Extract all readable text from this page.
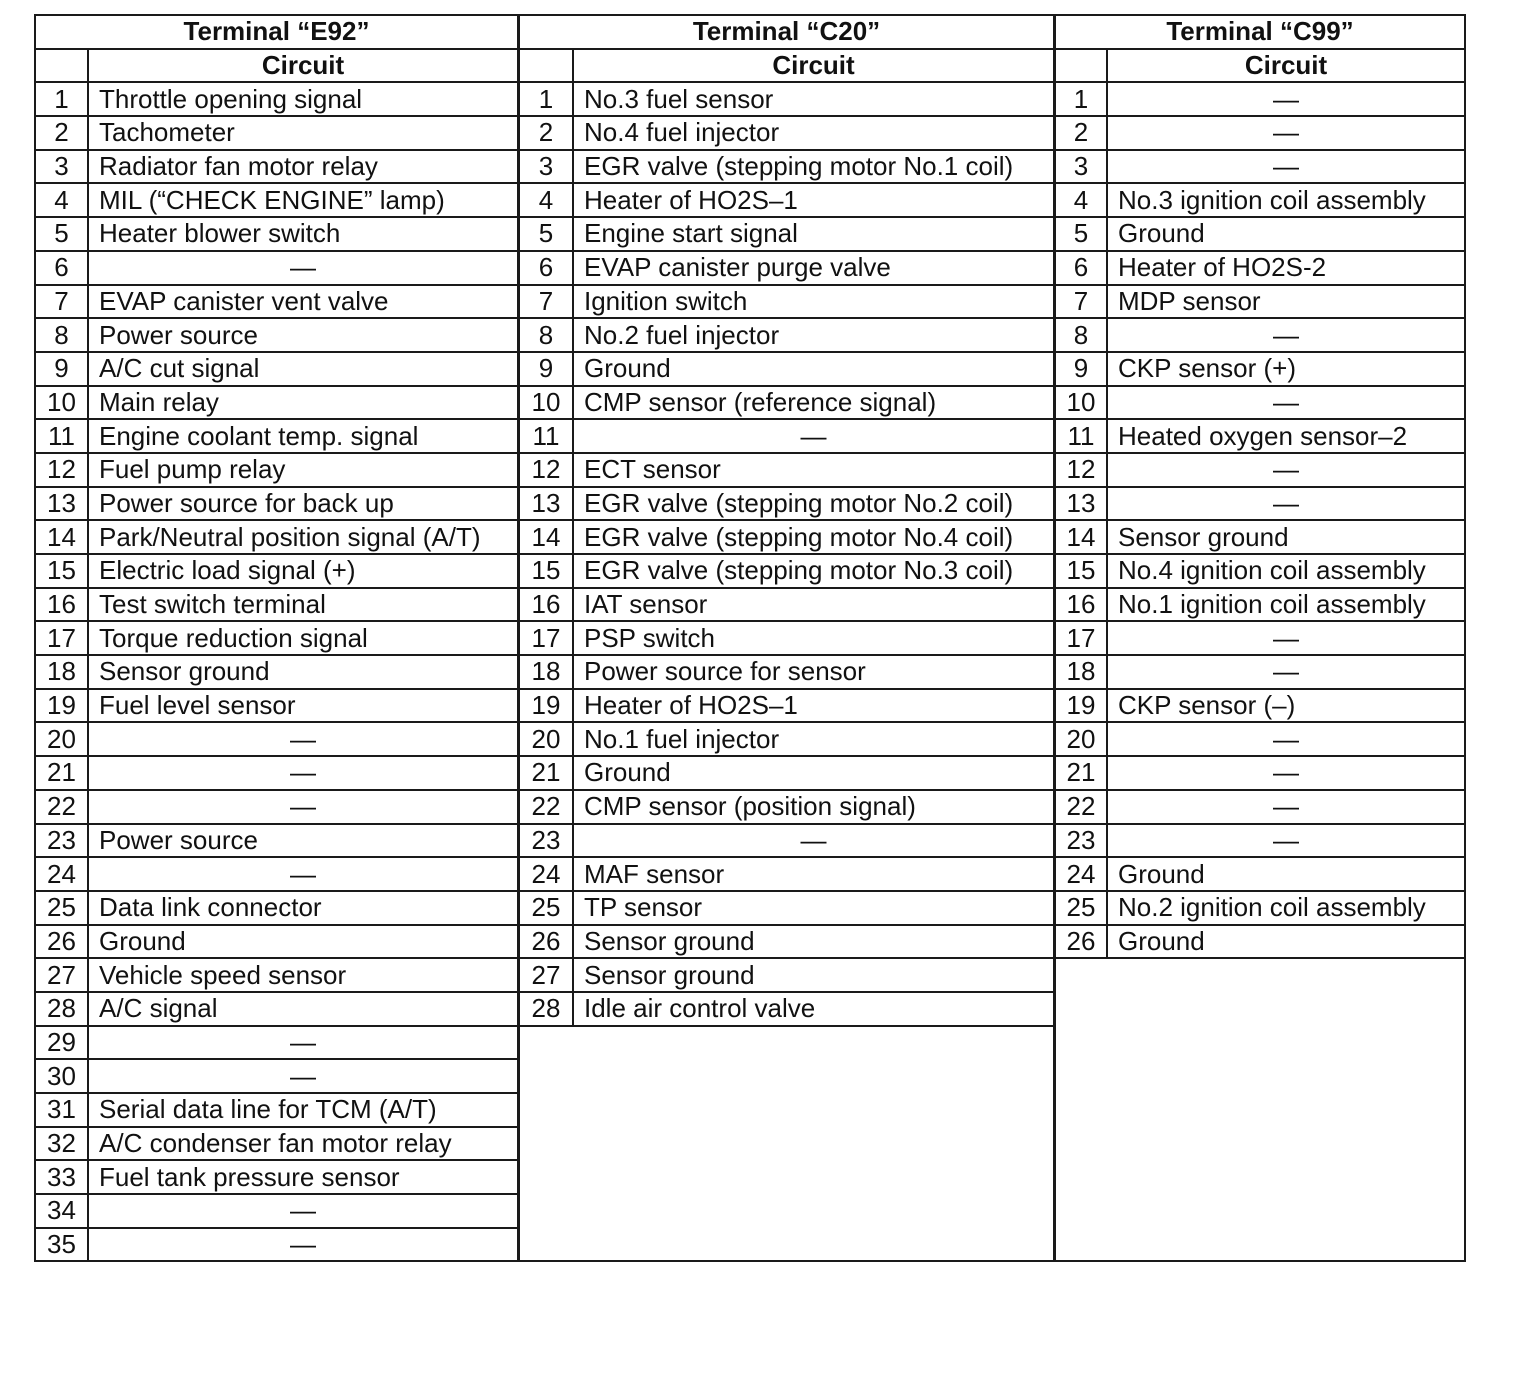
Terminal “E92”	
	Circuit
1	Throttle opening signal
2	Tachometer
3	Radiator fan motor relay
4	MIL (“CHECK ENGINE” lamp)
5	Heater blower switch
6	—
7	EVAP canister vent valve
8	Power source
9	A/C cut signal
10	Main relay
11	Engine coolant temp. signal
12	Fuel pump relay
13	Power source for back up
14	Park/Neutral position signal (A/T)
15	Electric load signal (+)
16	Test switch terminal
17	Torque reduction signal
18	Sensor ground
19	Fuel level sensor
20	—
21	—
22	—
23	Power source
24	—
25	Data link connector
26	Ground
27	Vehicle speed sensor
28	A/C signal
29	—
30	—
31	Serial data line for TCM (A/T)
32	A/C condenser fan motor relay
33	Fuel tank pressure sensor
34	—
35	—
Terminal “C20”	
	Circuit
1	No.3 fuel sensor
2	No.4 fuel injector
3	EGR valve (stepping motor No.1 coil)
4	Heater of HO2S–1
5	Engine start signal
6	EVAP canister purge valve
7	Ignition switch
8	No.2 fuel injector
9	Ground
10	CMP sensor (reference signal)
11	—
12	ECT sensor
13	EGR valve (stepping motor No.2 coil)
14	EGR valve (stepping motor No.4 coil)
15	EGR valve (stepping motor No.3 coil)
16	IAT sensor
17	PSP switch
18	Power source for sensor
19	Heater of HO2S–1
20	No.1 fuel injector
21	Ground
22	CMP sensor (position signal)
23	—
24	MAF sensor
25	TP sensor
26	Sensor ground
27	Sensor ground
28	Idle air control valve
Terminal “C99”	
	Circuit
1	—
2	—
3	—
4	No.3 ignition coil assembly
5	Ground
6	Heater of HO2S-2
7	MDP sensor
8	—
9	CKP sensor (+)
10	—
11	Heated oxygen sensor–2
12	—
13	—
14	Sensor ground
15	No.4 ignition coil assembly
16	No.1 ignition coil assembly
17	—
18	—
19	CKP sensor (–)
20	—
21	—
22	—
23	—
24	Ground
25	No.2 ignition coil assembly
26	Ground
